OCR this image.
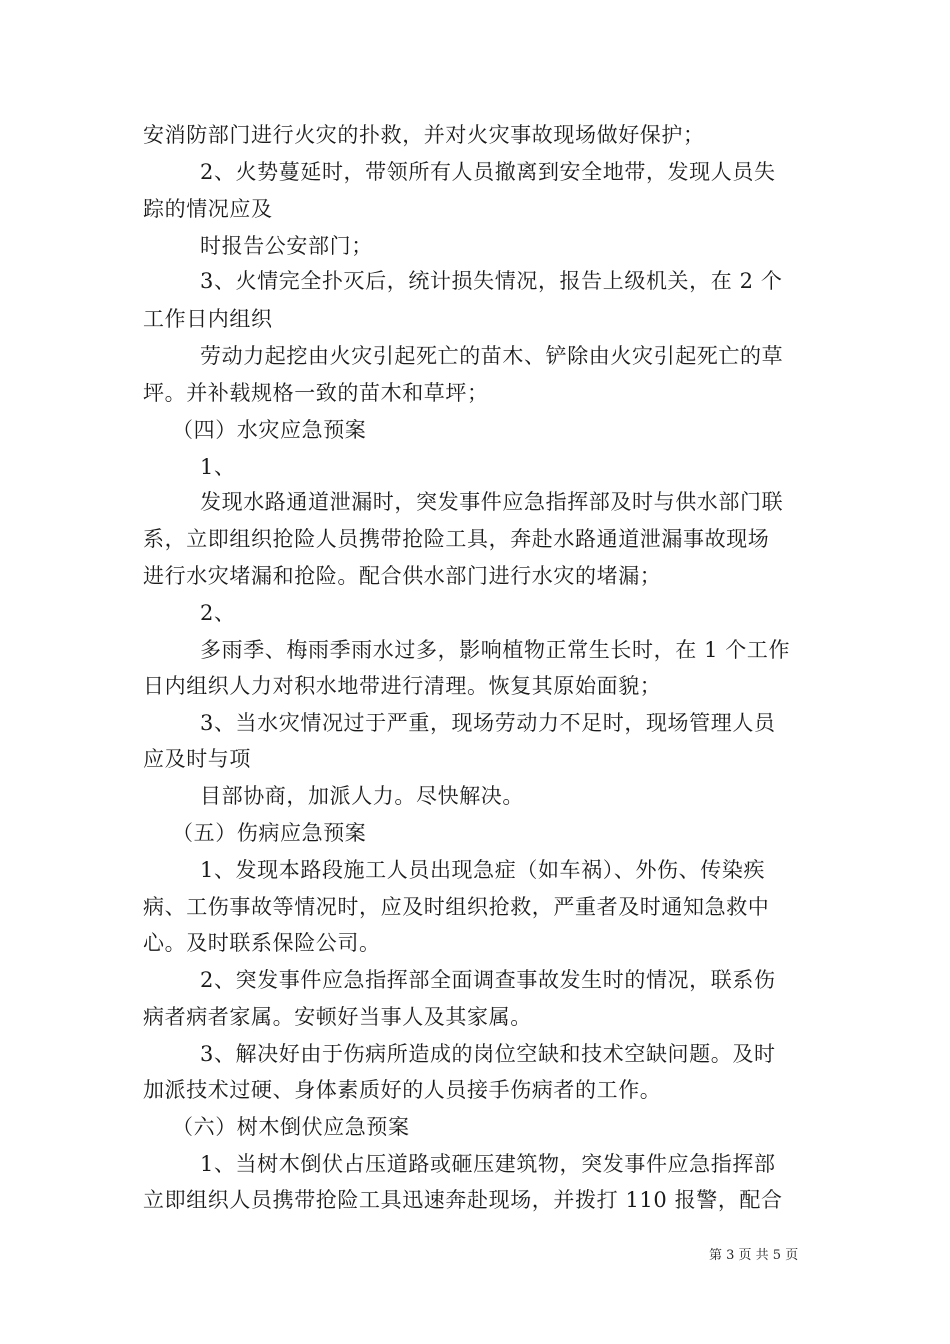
安消防部门进行火灾的扑救，并对火灾事故现场做好保护；
2、火势蔓延时，带领所有人员撤离到安全地带，发现人员失
踪的情况应及
时报告公安部门；
3、火情完全扑灭后，统计损失情况，报告上级机关，在 2 个
工作日内组织
劳动力起挖由火灾引起死亡的苗木、铲除由火灾引起死亡的草
坪。并补载规格一致的苗木和草坪；
（四）水灾应急预案
1、
发现水路通道泄漏时，突发事件应急指挥部及时与供水部门联
系，立即组织抢险人员携带抢险工具，奔赴水路通道泄漏事故现场
进行水灾堵漏和抢险。配合供水部门进行水灾的堵漏；
2、
多雨季、梅雨季雨水过多，影响植物正常生长时，在 1 个工作
日内组织人力对积水地带进行清理。恢复其原始面貌；
3、当水灾情况过于严重，现场劳动力不足时，现场管理人员
应及时与项
目部协商，加派人力。尽快解决。
（五）伤病应急预案
1、发现本路段施工人员出现急症（如车祸）、外伤、传染疾
病、工伤事故等情况时，应及时组织抢救，严重者及时通知急救中
心。及时联系保险公司。
2、突发事件应急指挥部全面调查事故发生时的情况，联系伤
病者病者家属。安顿好当事人及其家属。
3、解决好由于伤病所造成的岗位空缺和技术空缺问题。及时
加派技术过硬、身体素质好的人员接手伤病者的工作。
（六）树木倒伏应急预案
1、当树木倒伏占压道路或砸压建筑物，突发事件应急指挥部
立即组织人员携带抢险工具迅速奔赴现场，并拨打 110 报警，配合
第 3 页 共 5 页
